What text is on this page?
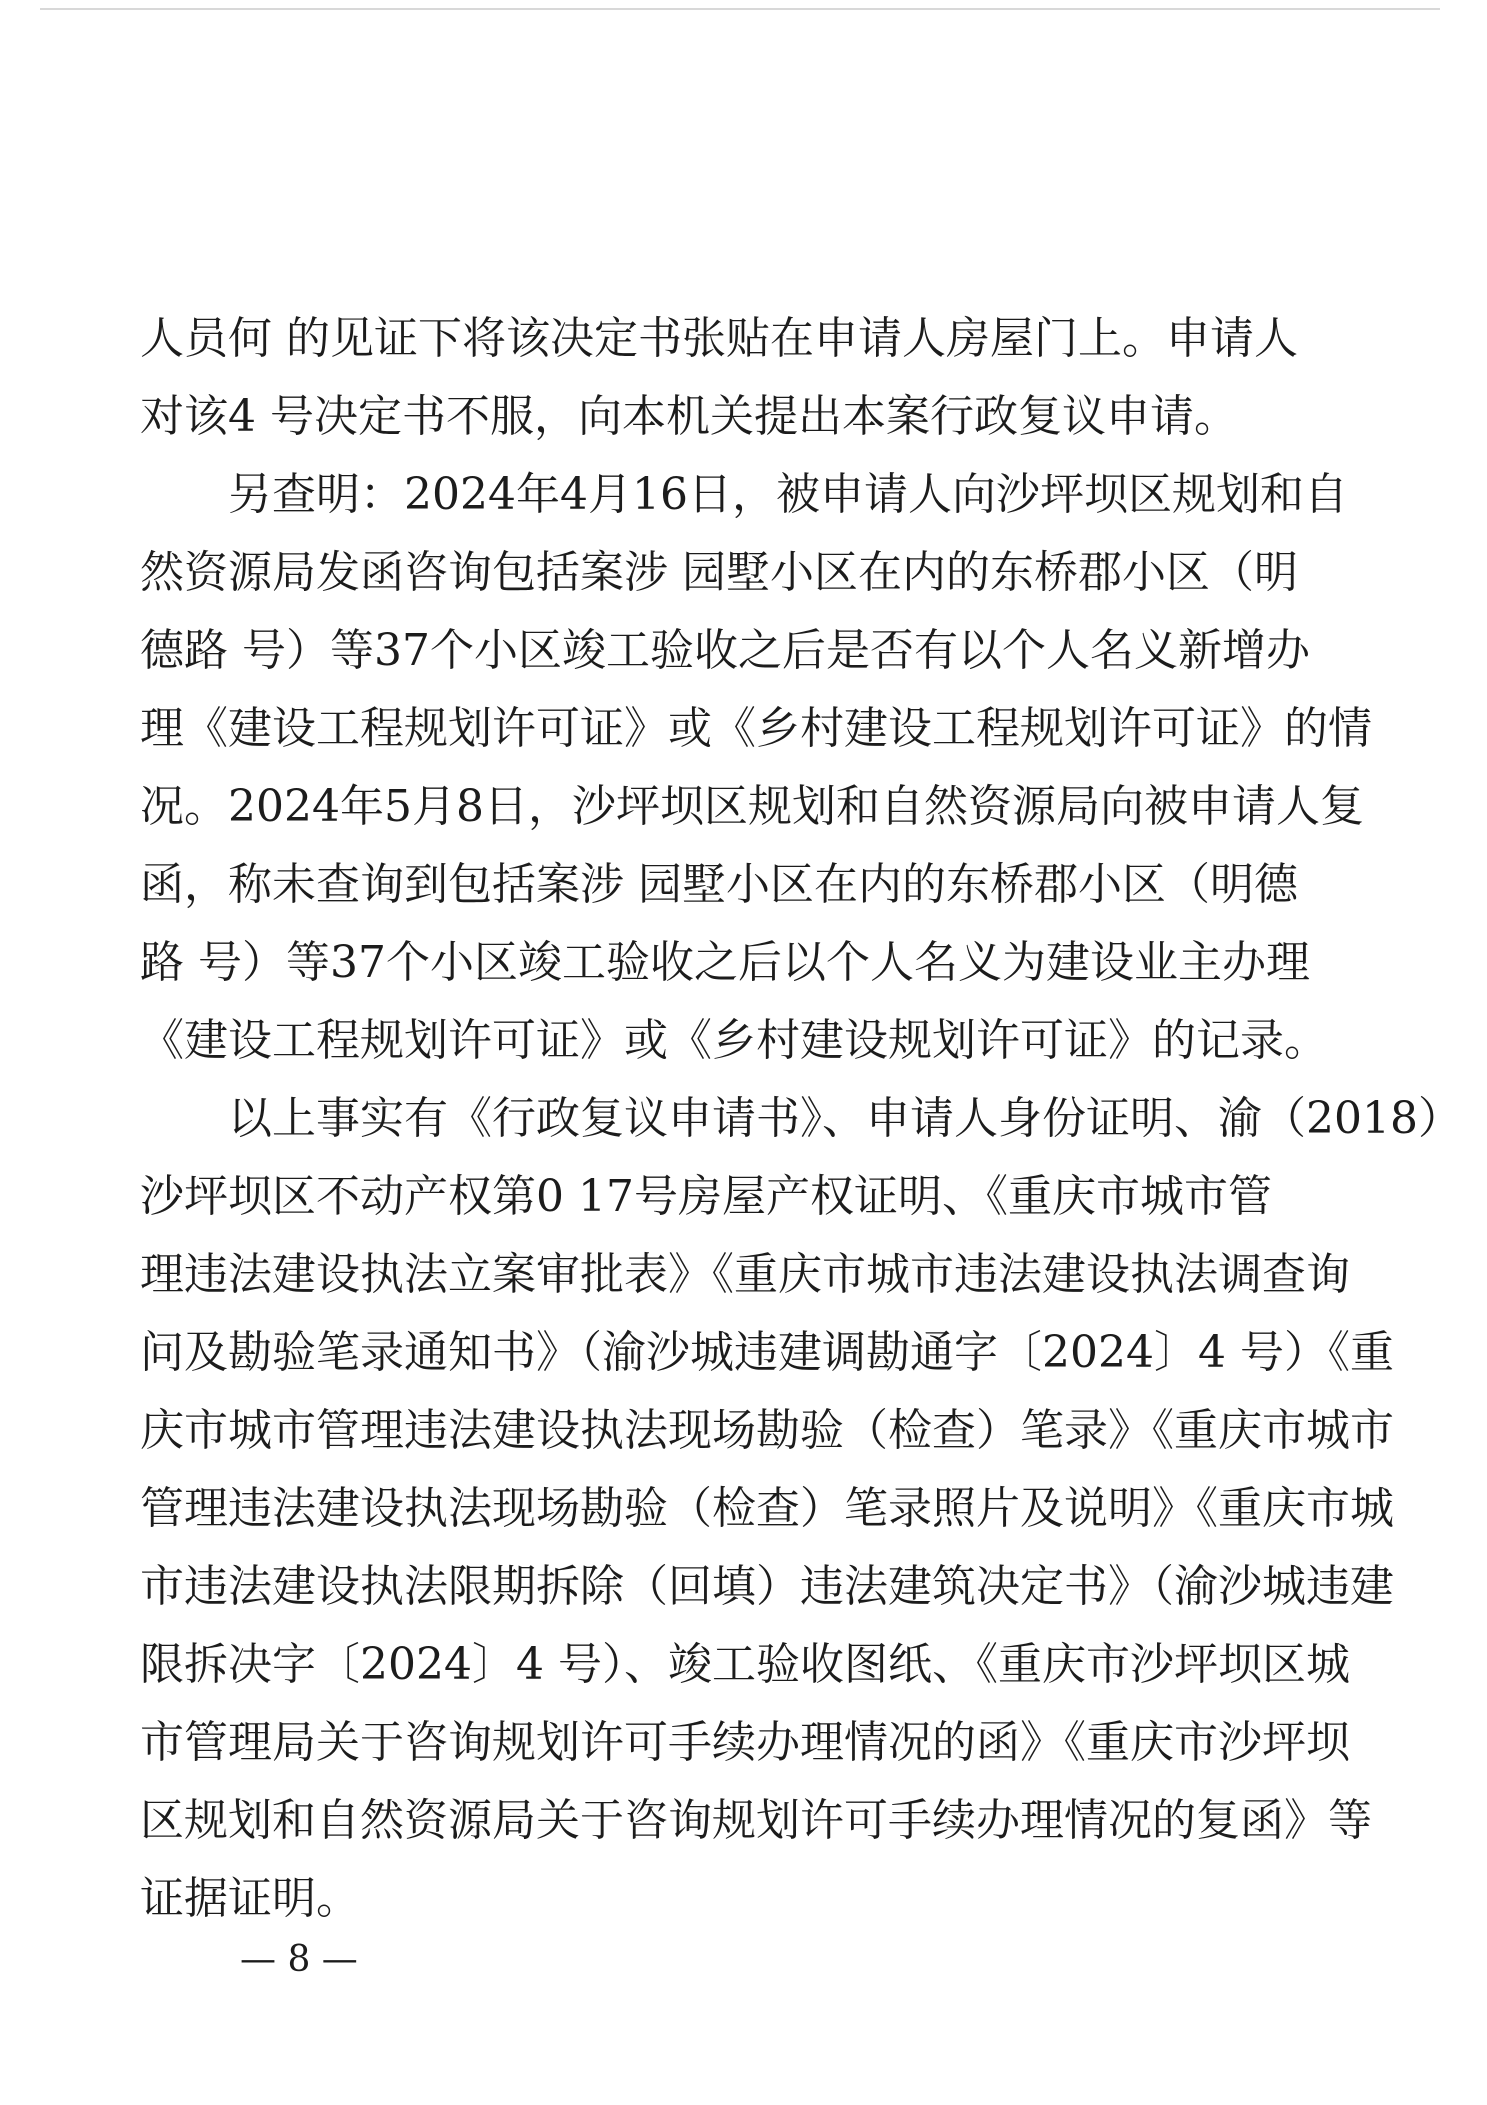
人员何 的见证下将该决定书张贴在申请人房屋门上。申请人
对该4 号决定书不服，向本机关提出本案行政复议申请。
　　另查明：2024年4月16日，被申请人向沙坪坝区规划和自
然资源局发函咨询包括案涉 园墅小区在内的东桥郡小区（明
德路 号）等37个小区竣工验收之后是否有以个人名义新增办
理《建设工程规划许可证》或《乡村建设工程规划许可证》的情
况。2024年5月8日，沙坪坝区规划和自然资源局向被申请人复
函，称未查询到包括案涉 园墅小区在内的东桥郡小区（明德
路 号）等37个小区竣工验收之后以个人名义为建设业主办理
《建设工程规划许可证》或《乡村建设规划许可证》的记录。
　　以上事实有《行政复议申请书》、申请人身份证明、渝（2018）
沙坪坝区不动产权第0 17号房屋产权证明、《重庆市城市管
理违法建设执法立案审批表》《重庆市城市违法建设执法调查询
问及勘验笔录通知书》（渝沙城违建调勘通字〔2024〕4 号）《重
庆市城市管理违法建设执法现场勘验（检查）笔录》《重庆市城市
管理违法建设执法现场勘验（检查）笔录照片及说明》《重庆市城
市违法建设执法限期拆除（回填）违法建筑决定书》（渝沙城违建
限拆决字〔2024〕4 号）、竣工验收图纸、《重庆市沙坪坝区城
市管理局关于咨询规划许可手续办理情况的函》《重庆市沙坪坝
区规划和自然资源局关于咨询规划许可手续办理情况的复函》等
证据证明。
— 8 —
